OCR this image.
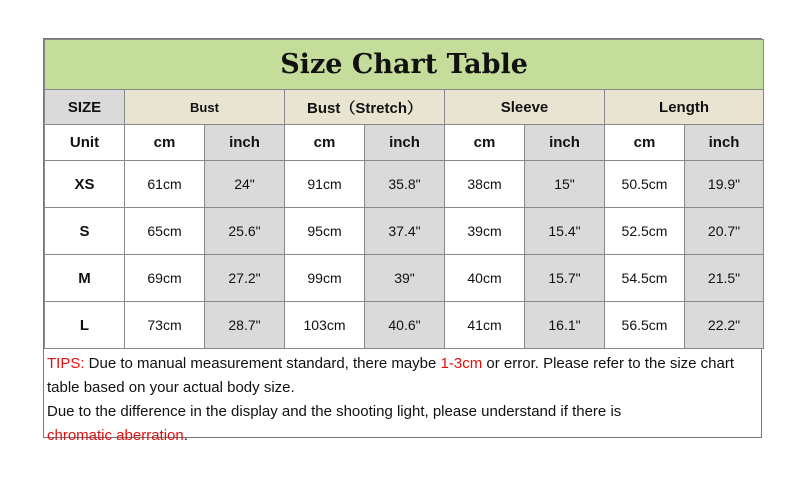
Size Chart Table								
SIZE	Bust		Bust（Stretch）		Sleeve		Length	
Unit	cm	inch	cm	inch	cm	inch	cm	inch
XS	61cm	24"	91cm	35.8"	38cm	15"	50.5cm	19.9"
S	65cm	25.6"	95cm	37.4"	39cm	15.4"	52.5cm	20.7"
M	69cm	27.2"	99cm	39"	40cm	15.7"	54.5cm	21.5"
L	73cm	28.7"	103cm	40.6"	41cm	16.1"	56.5cm	22.2"
TIPS: Due to manual measurement standard, there maybe 1-3cm or error. Please refer to the size chart table based on your actual body size.
Due to the difference in the display and the shooting light, please understand if there is
chromatic aberration.
